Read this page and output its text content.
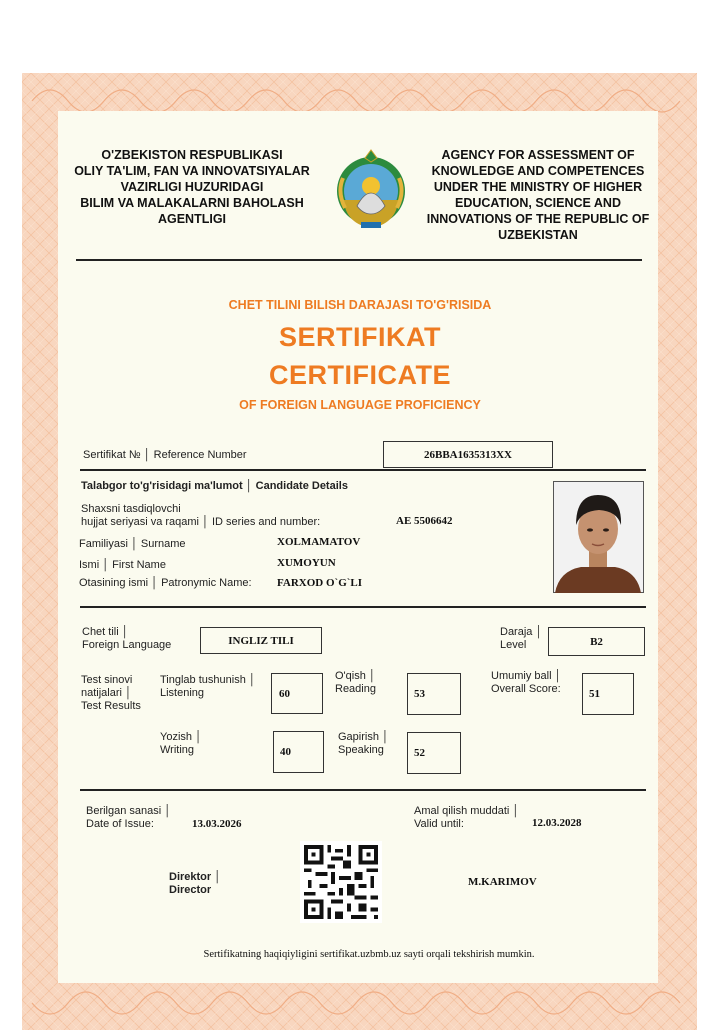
O'ZBEKISTON RESPUBLIKASI
OLIY TA'LIM, FAN VA INNOVATSIYALAR
VAZIRLIGI HUZURIDAGI
BILIM VA MALAKALARNI BAHOLASH
AGENTLIGI
AGENCY FOR ASSESSMENT OF
KNOWLEDGE AND COMPETENCES
UNDER THE MINISTRY OF HIGHER
EDUCATION, SCIENCE AND
INNOVATIONS OF THE REPUBLIC OF
UZBEKISTAN
CHET TILINI BILISH DARAJASI TO'G'RISIDA
SERTIFIKAT
CERTIFICATE
OF FOREIGN LANGUAGE PROFICIENCY
Sertifikat № │ Reference Number	26BBA1635313XX
Talabgor to'g'risidagi ma'lumot │ Candidate Details
Shaxsni tasdiqlovchi
hujjat seriyasi va raqami │ ID series and number:	AE 5506642
Familiyasi │ Surname	XOLMAMATOV
Ismi │ First Name	XUMOYUN
Otasining ismi │ Patronymic Name: FARXOD O`G`LI
Chet tili │
Foreign Language	INGLIZ TILI
Daraja │
Level	B2
Test sinovi
natijalari │
Test Results
Tinglab tushunish │
Listening	60
O'qish │
Reading	53
Umumiy ball │
Overall Score:	51
Yozish │
Writing	40
Gapirish │
Speaking	52
Berilgan sanasi │
Date of Issue:	13.03.2026
Amal qilish muddati │
Valid until:	12.03.2028
Direktor │
Director
M.KARIMOV
Sertifikatning haqiqiyligini sertifikat.uzbmb.uz sayti orqali tekshirish mumkin.
